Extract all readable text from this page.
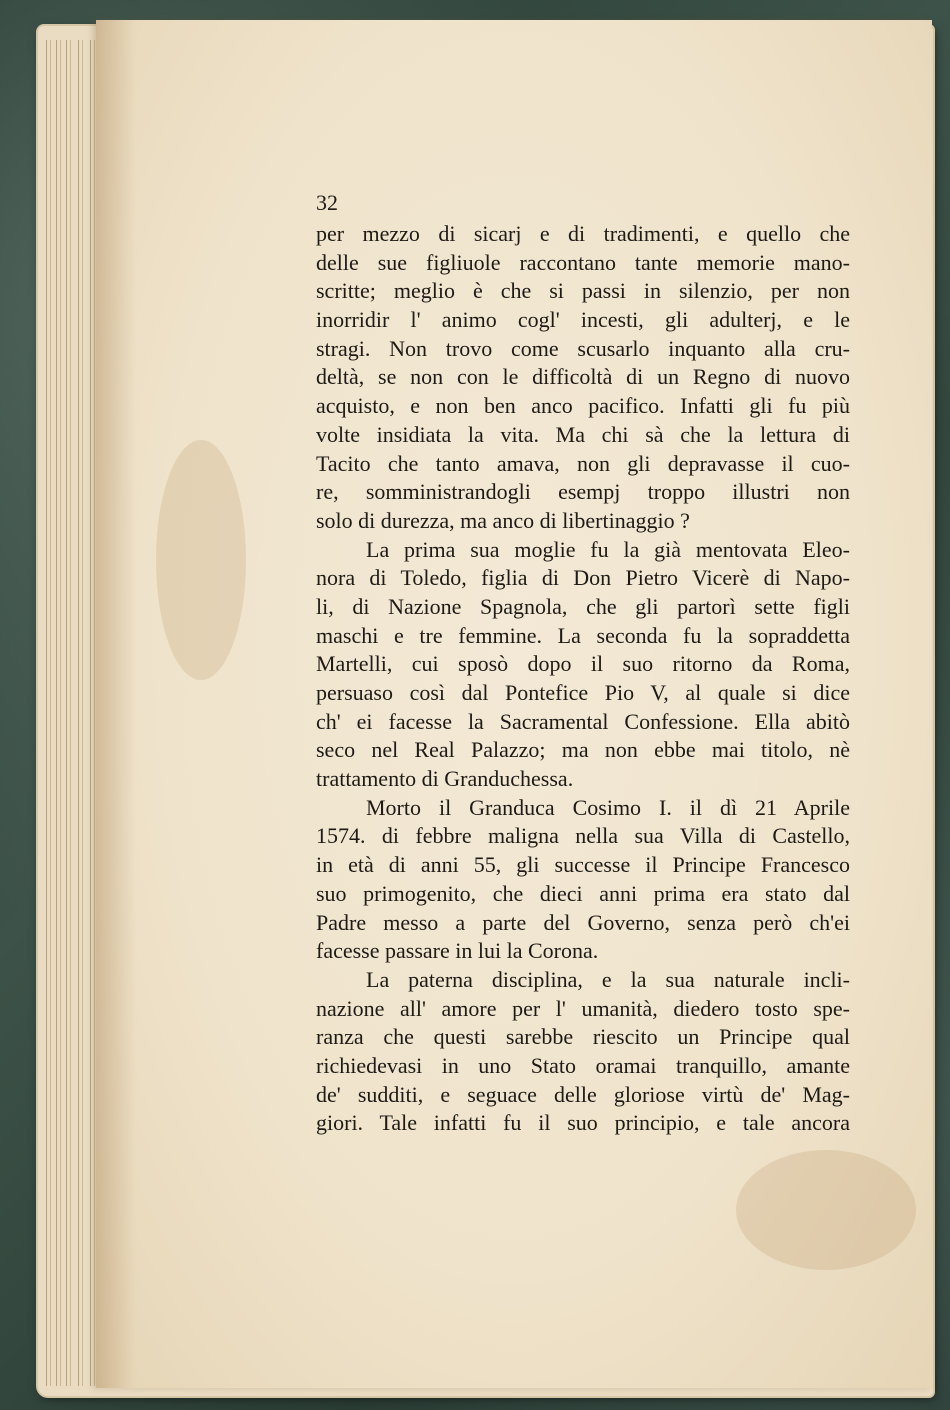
32
per mezzo di sicarj e di tradimenti, e quello che
delle sue figliuole raccontano tante memorie mano-
scritte; meglio è che si passi in silenzio, per non
inorridir l' animo cogl' incesti, gli adulterj, e le
stragi. Non trovo come scusarlo inquanto alla cru-
deltà, se non con le difficoltà di un Regno di nuovo
acquisto, e non ben anco pacifico. Infatti gli fu più
volte insidiata la vita. Ma chi sà che la lettura di
Tacito che tanto amava, non gli depravasse il cuo-
re, somministrandogli esempj troppo illustri non
solo di durezza, ma anco di libertinaggio ?
La prima sua moglie fu la già mentovata Eleo-
nora di Toledo, figlia di Don Pietro Vicerè di Napo-
li, di Nazione Spagnola, che gli partorì sette figli
maschi e tre femmine. La seconda fu la sopraddetta
Martelli, cui sposò dopo il suo ritorno da Roma,
persuaso così dal Pontefice Pio V, al quale si dice
ch' ei facesse la Sacramental Confessione. Ella abitò
seco nel Real Palazzo; ma non ebbe mai titolo, nè
trattamento di Granduchessa.
Morto il Granduca Cosimo I. il dì 21 Aprile
1574. di febbre maligna nella sua Villa di Castello,
in età di anni 55, gli successe il Principe Francesco
suo primogenito, che dieci anni prima era stato dal
Padre messo a parte del Governo, senza però ch'ei
facesse passare in lui la Corona.
La paterna disciplina, e la sua naturale incli-
nazione all' amore per l' umanità, diedero tosto spe-
ranza che questi sarebbe riescito un Principe qual
richiedevasi in uno Stato oramai tranquillo, amante
de' sudditi, e seguace delle gloriose virtù de' Mag-
giori. Tale infatti fu il suo principio, e tale ancora
